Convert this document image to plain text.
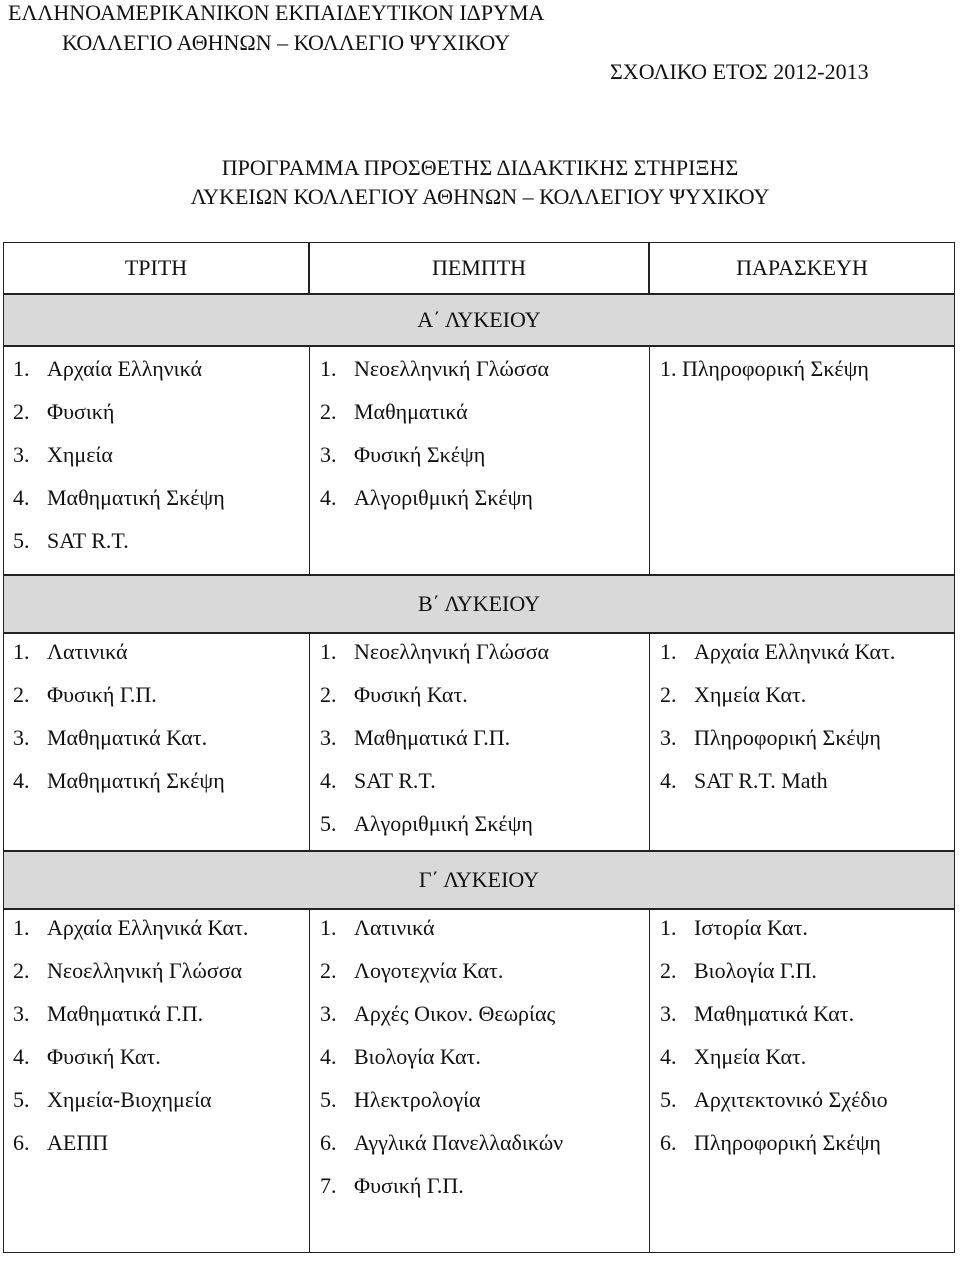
ΕΛΛΗΝΟΑΜΕΡΙΚΑΝΙΚΟΝ ΕΚΠΑΙΔΕΥΤΙΚΟΝ ΙΔΡΥΜΑ
ΚΟΛΛΕΓΙΟ ΑΘΗΝΩΝ – ΚΟΛΛΕΓΙΟ ΨΥΧΙΚΟΥ
ΣΧΟΛΙΚΟ ΕΤΟΣ 2012-2013
ΠΡΟΓΡΑΜΜΑ ΠΡΟΣΘΕΤΗΣ ΔΙΔΑΚΤΙΚΗΣ ΣΤΗΡΙΞΗΣ
ΛΥΚΕΙΩΝ ΚΟΛΛΕΓΙΟΥ ΑΘΗΝΩΝ – ΚΟΛΛΕΓΙΟΥ ΨΥΧΙΚΟΥ
ΤΡΙΤΗ	ΠΕΜΠΤΗ	ΠΑΡΑΣΚΕΥΗ
Α΄ ΛΥΚΕΙΟΥ
1. Αρχαία Ελληνικά
2. Φυσική
3. Χημεία
4. Μαθηματική Σκέψη
5. SAT R.T.
1. Νεοελληνική Γλώσσα
2. Μαθηματικά
3. Φυσική Σκέψη
4. Αλγοριθμική Σκέψη
1. Πληροφορική Σκέψη
Β΄ ΛΥΚΕΙΟΥ
1. Λατινικά
2. Φυσική Γ.Π.
3. Μαθηματικά Κατ.
4. Μαθηματική Σκέψη
1. Νεοελληνική Γλώσσα
2. Φυσική Κατ.
3. Μαθηματικά Γ.Π.
4. SAT R.T.
5. Αλγοριθμική Σκέψη
1. Αρχαία Ελληνικά Κατ.
2. Χημεία Κατ.
3. Πληροφορική Σκέψη
4. SAT R.T. Math
Γ΄ ΛΥΚΕΙΟΥ
1. Αρχαία Ελληνικά Κατ.
2. Νεοελληνική Γλώσσα
3. Μαθηματικά Γ.Π.
4. Φυσική Κατ.
5. Χημεία-Βιοχημεία
6. ΑΕΠΠ
1. Λατινικά
2. Λογοτεχνία Κατ.
3. Αρχές Οικον. Θεωρίας
4. Βιολογία Κατ.
5. Ηλεκτρολογία
6. Αγγλικά Πανελλαδικών
7. Φυσική Γ.Π.
1. Ιστορία Κατ.
2. Βιολογία Γ.Π.
3. Μαθηματικά Κατ.
4. Χημεία Κατ.
5. Αρχιτεκτονικό Σχέδιο
6. Πληροφορική Σκέψη
